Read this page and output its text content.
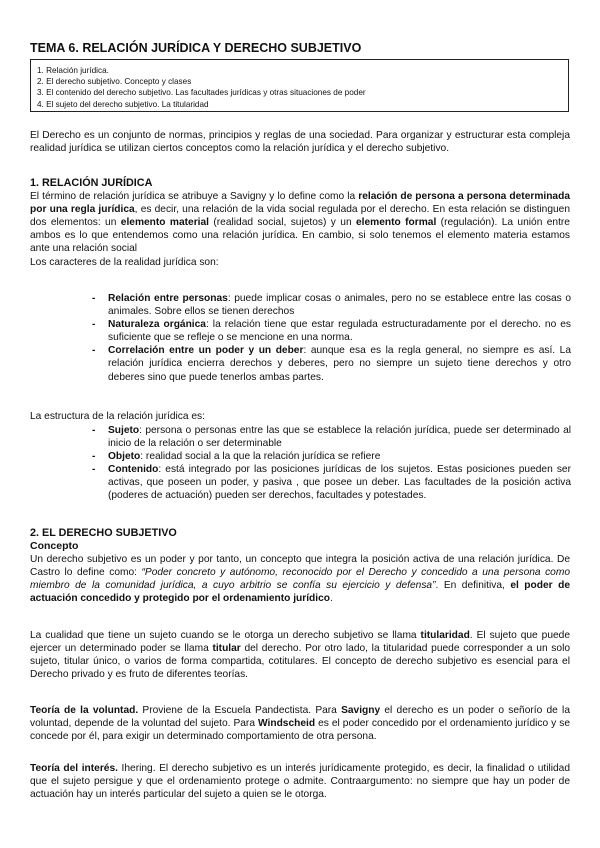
TEMA 6. RELACIÓN JURÍDICA Y DERECHO SUBJETIVO
1. Relación jurídica.
2. El derecho subjetivo. Concepto y clases
3. El contenido del derecho subjetivo. Las facultades jurídicas y otras situaciones de poder
4. El sujeto del derecho subjetivo. La titularidad

El Derecho es un conjunto de normas, principios y reglas de una sociedad. Para organizar y estructurar esta compleja realidad jurídica se utilizan ciertos conceptos como la relación jurídica y el derecho subjetivo.

1. RELACIÓN JURÍDICA

El término de relación jurídica se atribuye a Savigny y lo define como la relación de persona a persona determinada por una regla jurídica, es decir, una relación de la vida social regulada por el derecho. En esta relación se distinguen dos elementos: un elemento material (realidad social, sujetos) y un elemento formal (regulación). La unión entre ambos es lo que entendemos como una relación jurídica. En cambio, si solo tenemos el elemento materia estamos ante una relación social

Los caracteres de la realidad jurídica son:

- Relación entre personas: puede implicar cosas o animales, pero no se establece entre las cosas o animales. Sobre ellos se tienen derechos
- Naturaleza orgánica: la relación tiene que estar regulada estructuradamente por el derecho. no es suficiente que se refleje o se mencione en una norma.
- Correlación entre un poder y un deber: aunque esa es la regla general, no siempre es así. La relación jurídica encierra derechos y deberes, pero no siempre un sujeto tiene derechos y otro deberes sino que puede tenerlos ambas partes.

La estructura de la relación jurídica es:

- Sujeto: persona o personas entre las que se establece la relación jurídica, puede ser determinado al inicio de la relación o ser determinable
- Objeto: realidad social a la que la relación jurídica se refiere
- Contenido: está integrado por las posiciones jurídicas de los sujetos. Estas posiciones pueden ser activas, que poseen un poder, y pasiva , que posee un deber. Las facultades de la posición activa (poderes de actuación) pueden ser derechos, facultades y potestades.
2. EL DERECHO SUBJETIVO
Concepto

Un derecho subjetivo es un poder y por tanto, un concepto que integra la posición activa de una relación jurídica. De Castro lo define como: “Poder concreto y autónomo, reconocido por el Derecho y concedido a una persona como miembro de la comunidad jurídica, a cuyo arbitrio se confía su ejercicio y defensa”. En definitiva, el poder de actuación concedido y protegido por el ordenamiento jurídico.

La cualidad que tiene un sujeto cuando se le otorga un derecho subjetivo se llama titularidad. El sujeto que puede ejercer un determinado poder se llama titular del derecho. Por otro lado, la titularidad puede corresponder a un solo sujeto, titular único, o varios de forma compartida, cotitulares. El concepto de derecho subjetivo es esencial para el Derecho privado y es fruto de diferentes teorías.

Teoría de la voluntad. Proviene de la Escuela Pandectista. Para Savigny el derecho es un poder o señorío de la voluntad, depende de la voluntad del sujeto. Para Windscheid es el poder concedido por el ordenamiento jurídico y se concede por él, para exigir un determinado comportamiento de otra persona.

Teoría del interés. Ihering. El derecho subjetivo es un interés jurídicamente protegido, es decir, la finalidad o utilidad que el sujeto persigue y que el ordenamiento protege o admite. Contraargumento: no siempre que hay un poder de actuación hay un interés particular del sujeto a quien se le otorga.
